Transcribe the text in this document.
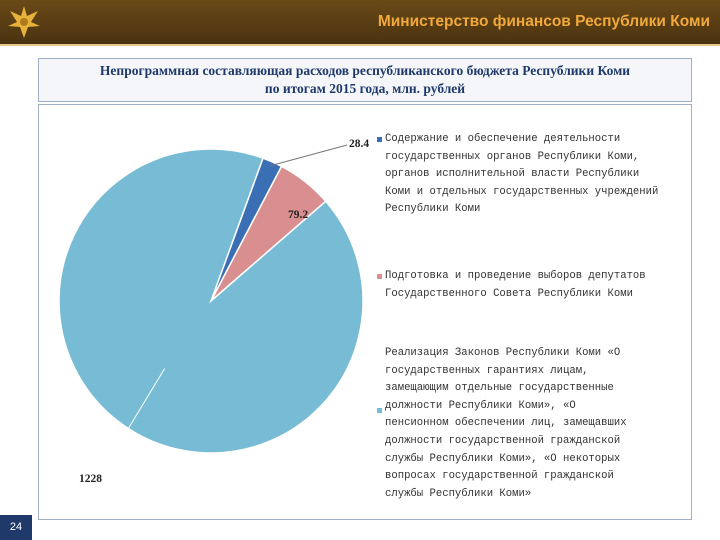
Министерство финансов Республики Коми
Непрограммная составляющая расходов республиканского бюджета Республики Коми
по итогам 2015 года, млн. рублей
28.4
79.2
1228
Содержание и обеспечение деятельности
государственных органов Республики Коми,
органов исполнительной власти Республики
Коми и отдельных государственных учреждений
Республики Коми
Подготовка и проведение выборов депутатов
Государственного Совета Республики Коми
Реализация Законов Республики Коми «О
государственных гарантиях лицам,
замещающим отдельные государственные
должности Республики Коми», «О
пенсионном обеспечении лиц, замещавших
должности государственной гражданской
службы Республики Коми», «О некоторых
вопросах государственной гражданской
службы Республики Коми»
24
